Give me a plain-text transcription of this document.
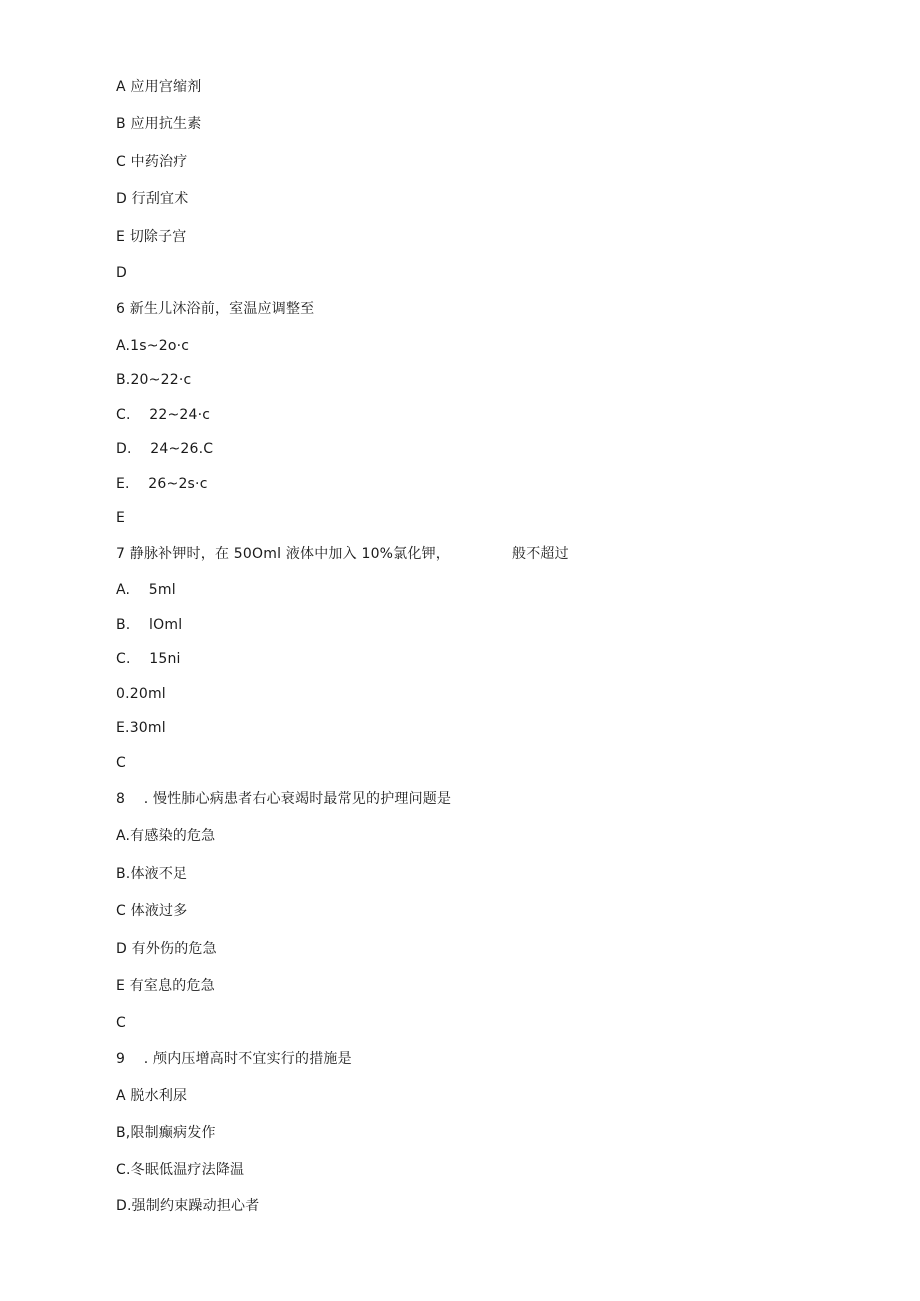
A 应用宫缩剂
B 应用抗生素
C 中药治疗
D 行刮宜术
E 切除子宫
D
6 新生儿沐浴前，室温应调整至
A.1s~2o·c
B.20~22·c
C.    22~24·c
D.    24~26.C
E.    26~2s·c
E
7 静脉补钾时，在 50Oml 液体中加入 10%氯化钾，	般不超过
A.    5ml
B.    lOml
C.    15ni
0.20ml
E.30ml
C
8    . 慢性肺心病患者右心衰竭时最常见的护理问题是
A.有感染的危急
B.体液不足
C 体液过多
D 有外伤的危急
E 有室息的危急
C
9    . 颅内压增高时不宜实行的措施是
A 脱水利尿
B,限制癫病发作
C.冬眠低温疗法降温
D.强制约束躁动担心者
